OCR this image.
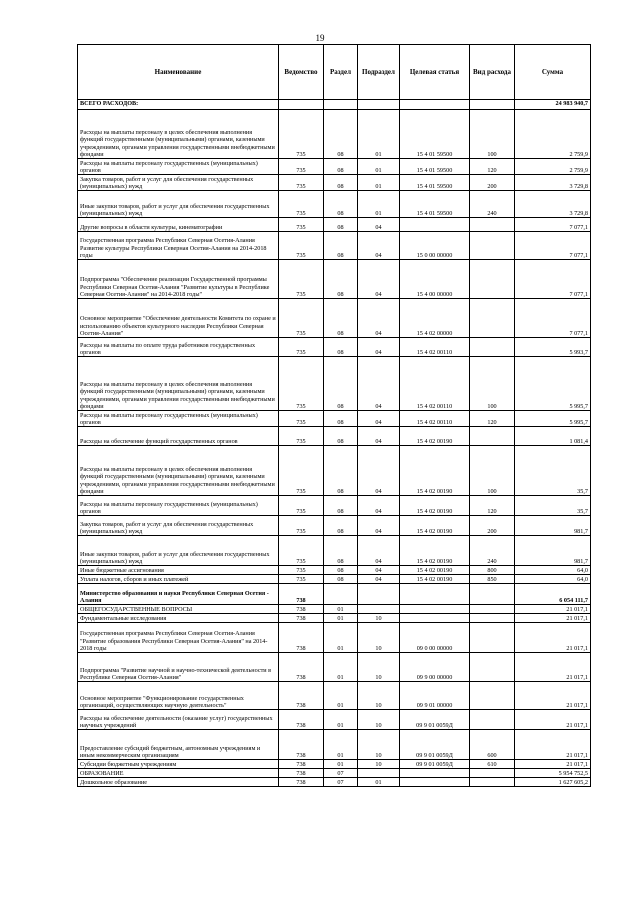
19
Наименование	Ведомство	Раздел	Подраздел	Целевая статья	Вид расхода	Сумма
ВСЕГО РАСХОДОВ:						24 983 940,7
Расходы на выплаты персоналу в целях обеспечения выполнения функций государственными (муниципальными) органами, казенными учреждениями, органами управления государственными внебюджетными фондами	735	08	01	15 4 01 59500	100	2 759,9
Расходы на выплаты персоналу государственных (муниципальных) органов	735	08	01	15 4 01 59500	120	2 759,9
Закупка товаров, работ и услуг для обеспечения государственных (муниципальных) нужд	735	08	01	15 4 01 59500	200	3 729,8
Иные закупки товаров, работ и услуг для обеспечения государственных (муниципальных) нужд	735	08	01	15 4 01 59500	240	3 729,8
Другие вопросы в области культуры, кинематографии	735	08	04			7 077,1
Государственная программа Республики Северная Осетия-Алания Развитие культуры Республики Северная Осетия-Алания на 2014-2018 годы	735	08	04	15 0 00 00000		7 077,1
Подпрограмма "Обеспечение реализации Государственной программы Республики Северная Осетия-Алания "Развитие культуры в Республике Северная Осетия-Алания" на 2014-2018 годы"	735	08	04	15 4 00 00000		7 077,1
Основное мероприятие "Обеспечение деятельности Комитета по охране и использованию объектов культурного наследия Республики Северная Осетия-Алания"	735	08	04	15 4 02 00000		7 077,1
Расходы на выплаты по оплате труда работников государственных органов	735	08	04	15 4 02 00110		5 993,7
Расходы на выплаты персоналу в целях обеспечения выполнения функций государственными (муниципальными) органами, казенными учреждениями, органами управления государственными внебюджетными фондами	735	08	04	15 4 02 00110	100	5 995,7
Расходы на выплаты персоналу государственных (муниципальных) органов	735	08	04	15 4 02 00110	120	5 995,7
Расходы на обеспечение функций государственных органов	735	08	04	15 4 02 00190		1 081,4
Расходы на выплаты персоналу в целях обеспечения выполнения функций государственными (муниципальными) органами, казенными учреждениями, органами управления государственными внебюджетными фондами	735	08	04	15 4 02 00190	100	35,7
Расходы на выплаты персоналу государственных (муниципальных) органов	735	08	04	15 4 02 00190	120	35,7
Закупка товаров, работ и услуг для обеспечения государственных (муниципальных) нужд	735	08	04	15 4 02 00190	200	981,7
Иные закупки товаров, работ и услуг для обеспечения государственных (муниципальных) нужд	735	08	04	15 4 02 00190	240	981,7
Иные бюджетные ассигнования	735	08	04	15 4 02 00190	800	64,0
Уплата налогов, сборов и иных платежей	735	08	04	15 4 02 00190	850	64,0
Министерство образования и науки Республики Северная Осетия - Алания	738					6 054 111,7
ОБЩЕГОСУДАРСТВЕННЫЕ ВОПРОСЫ	738	01				21 017,1
Фундаментальные исследования	738	01	10			21 017,1
Государственная программа Республики Северная Осетия-Алания "Развитие образования Республики Северная Осетия-Алания" на 2014-2018 годы	738	01	10	09 0 00 00000		21 017,1
Подпрограмма "Развитие научной и научно-технической деятельности в Республике Северная Осетия-Алания"	738	01	10	09 9 00 00000		21 017,1
Основное мероприятие "Функционирование государственных организаций, осуществляющих научную деятельность"	738	01	10	09 9 01 00000		21 017,1
Расходы на обеспечение деятельности (оказание услуг) государственных научных учреждений	738	01	10	09 9 01 0059Д		21 017,1
Предоставление субсидий бюджетным, автономным учреждениям и иным некоммерческим организациям	738	01	10	09 9 01 0059Д	600	21 017,1
Субсидии бюджетным учреждениям	738	01	10	09 9 01 0059Д	610	21 017,1
ОБРАЗОВАНИЕ	738	07				5 954 752,5
Дошкольное образование	738	07	01			1 627 605,2
